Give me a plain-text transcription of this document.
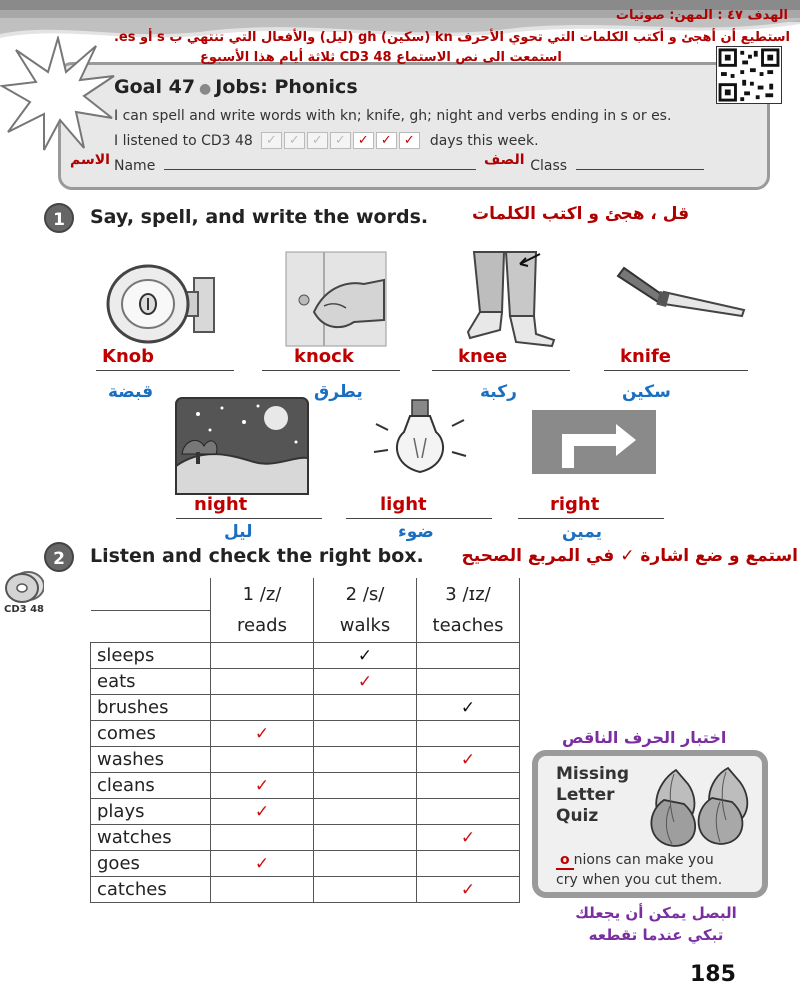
الهدف ٤٧ : المهن: صوتيات
استطيع أن أهجئ و أكتب الكلمات التي تحوي الأحرف kn (سكين) gh (ليل) والأفعال التي تنتهي ب s أو es.
استمعت الى نص الاستماع CD3 48 ثلاثة أيام هذا الأسبوع
Goal 47 ● Jobs: Phonics
I can spell and write words with kn; knife, gh; night and verbs ending in s or es.
I listened to CD3 48	✓ ✓ ✓ ✓ ✓ ✓ ✓	days this week.
Name	Class
الاسم	الصف
1	Say, spell, and write the words.	قل ، هجئ و اكتب الكلمات
Knob	knock	knee	knife
قبضة	يطرق	ركبة	سكين
night	light	right
ليل	ضوء	يمين
2	Listen and check the right box.	استمع و ضع اشارة ✓ في المربع الصحيح
CD3 48
	1 /z/	2 /s/	3 /ɪz/
	reads	walks	teaches
sleeps		✓	
eats		✓	
brushes			✓
comes	✓		
washes			✓
cleans	✓		
plays	✓		
watches			✓
goes	✓		
catches			✓
اختبار الحرف الناقص
Missing
Letter
Quiz
o nions can make you
cry when you cut them.
البصل يمكن أن يجعلك
تبكي عندما تقطعه
185
